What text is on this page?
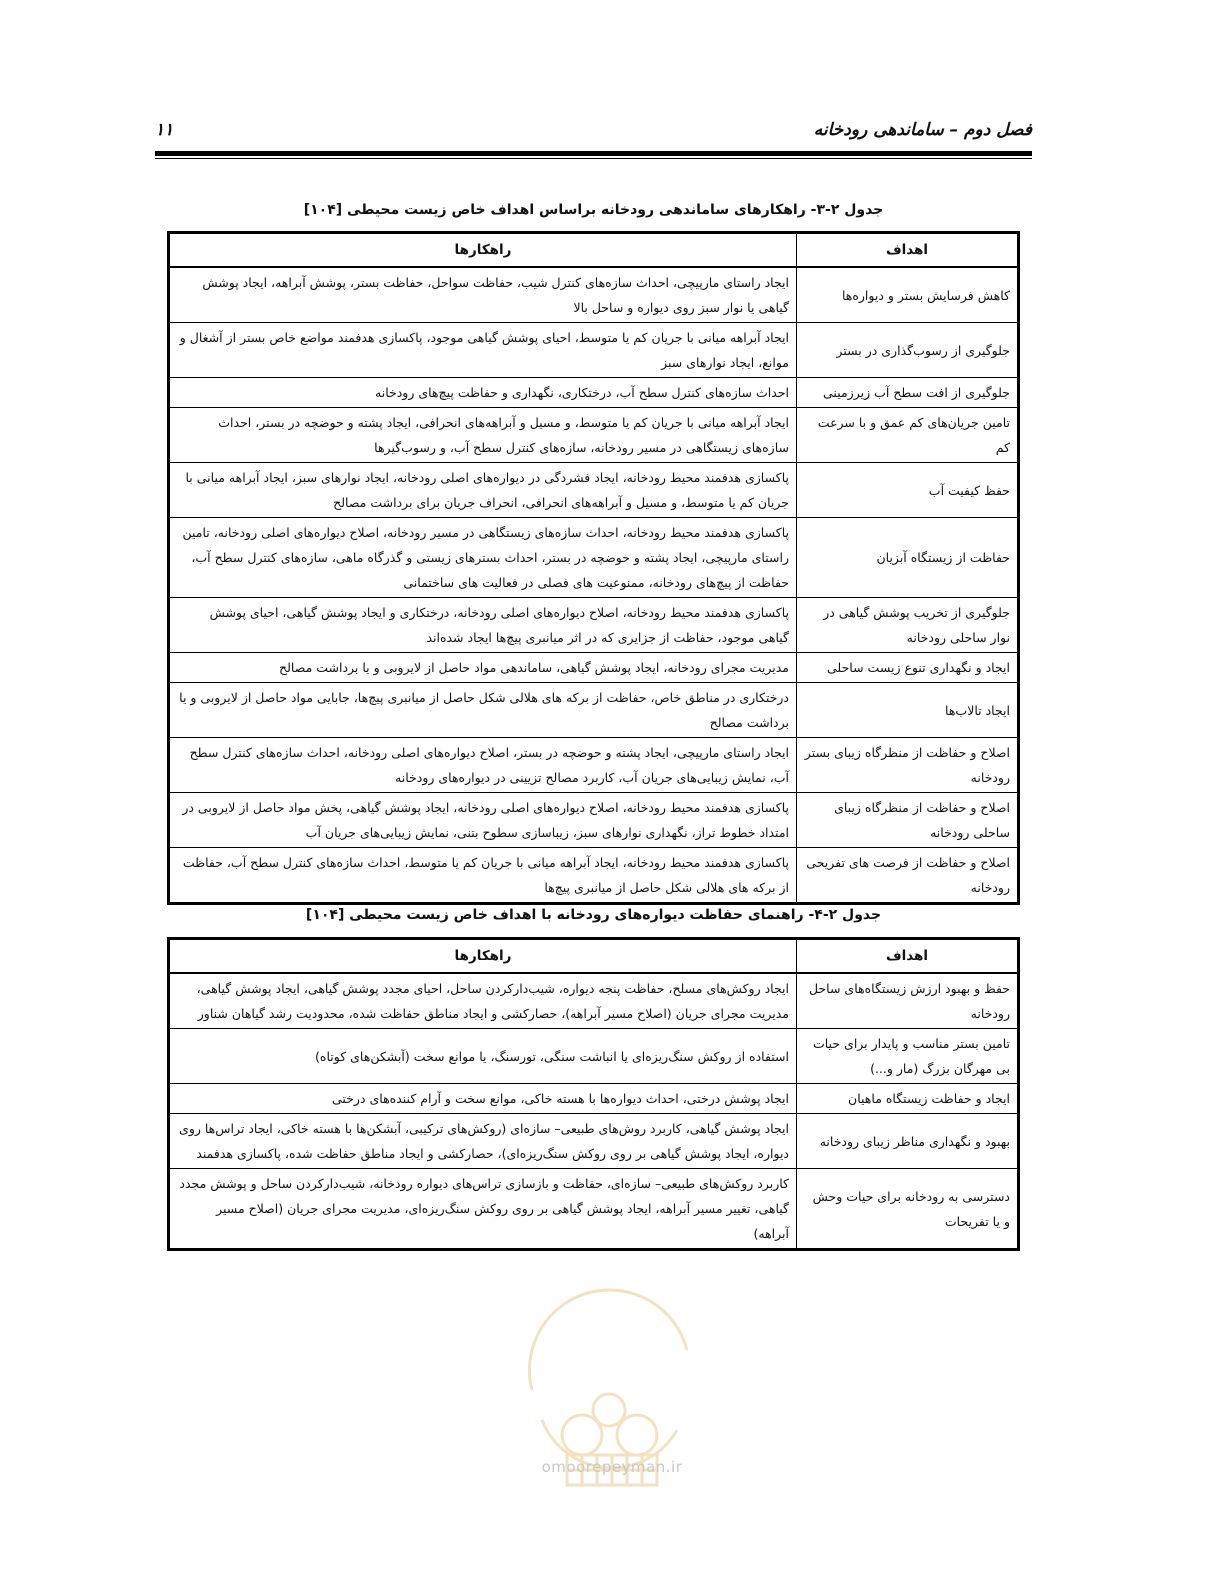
فصل دوم – ساماندهی رودخانه
۱۱
جدول ۲-۳- راهکارهای ساماندهی رودخانه براساس اهداف خاص زیست محیطی [۱۰۴]
اهداف	راهکارها
کاهش فرسایش بستر و دیواره‌ها	ایجاد راستای مارپیچی، احداث سازه‌های کنترل شیب، حفاظت سواحل، حفاظت بستر، پوشش آبراهه، ایجاد پوشش گیاهی یا نوار سبز روی دیواره و ساحل بالا
جلوگیری از رسوب‌گذاری در بستر	ایجاد آبراهه میانی با جریان کم یا متوسط، احیای پوشش گیاهی موجود، پاکسازی هدفمند مواضع خاص بستر از آشغال و موانع، ایجاد نوارهای سبز
جلوگیری از افت سطح آب زیرزمینی	احداث سازه‌های کنترل سطح آب، درختکاری، نگهداری و حفاظت پیچ‌های رودخانه
تامین جریان‌های کم عمق و با سرعت کم	ایجاد آبراهه میانی با جریان کم یا متوسط، و مسیل و آبراهه‌های انحرافی، ایجاد پشته و حوضچه در بستر، احداث سازه‌های زیستگاهی در مسیر رودخانه، سازه‌های کنترل سطح آب، و رسوب‌گیرها
حفظ کیفیت آب	پاکسازی هدفمند محیط رودخانه، ایجاد فشردگی در دیواره‌های اصلی رودخانه، ایجاد نوارهای سبز، ایجاد آبراهه میانی با جریان کم یا متوسط، و مسیل و آبراهه‌های انحرافی، انحراف جریان برای برداشت مصالح
حفاظت از زیستگاه آبزیان	پاکسازی هدفمند محیط رودخانه، احداث سازه‌های زیستگاهی در مسیر رودخانه، اصلاح دیواره‌های اصلی رودخانه، تامین راستای مارپیچی، ایجاد پشته و حوضچه در بستر، احداث بسترهای زیستی و گذرگاه ماهی، سازه‌های کنترل سطح آب، حفاظت از پیچ‌های رودخانه، ممنوعیت های فصلی در فعالیت های ساختمانی
جلوگیری از تخریب پوشش گیاهی در نوار ساحلی رودخانه	پاکسازی هدفمند محیط رودخانه، اصلاح دیواره‌های اصلی رودخانه، درختکاری و ایجاد پوشش گیاهی، احیای پوشش گیاهی موجود، حفاظت از جزایری که در اثر میانبری پیچ‌ها ایجاد شده‌اند
ایجاد و نگهداری تنوع زیست ساحلی	مدیریت مجرای رودخانه، ایجاد پوشش گیاهی، ساماندهی مواد حاصل از لایروبی و یا برداشت مصالح
ایجاد تالاب‌ها	درختکاری در مناطق خاص، حفاظت از برکه های هلالی شکل حاصل از میانبری پیچ‌ها، جابایی مواد حاصل از لایروبی و یا برداشت مصالح
اصلاح و حفاظت از منظرگاه زیبای بستر رودخانه	ایجاد راستای مارپیچی، ایجاد پشته و حوضچه در بستر، اصلاح دیواره‌های اصلی رودخانه، احداث سازه‌های کنترل سطح آب، نمایش زیبایی‌های جریان آب، کاربرد مصالح تزیینی در دیواره‌های رودخانه
اصلاح و حفاظت از منظرگاه زیبای ساحلی رودخانه	پاکسازی هدفمند محیط رودخانه، اصلاح دیواره‌های اصلی رودخانه، ایجاد پوشش گیاهی، پخش مواد حاصل از لایروبی در امتداد خطوط تراز، نگهداری نوارهای سبز، زیباسازی سطوح بتنی، نمایش زیبایی‌های جریان آب
اصلاح و حفاظت از فرصت های تفریحی رودخانه	پاکسازی هدفمند محیط رودخانه، ایجاد آبراهه میانی با جریان کم یا متوسط، احداث سازه‌های کنترل سطح آب، حفاظت از برکه های هلالی شکل حاصل از میانبری پیچ‌ها
جدول ۲-۴- راهنمای حفاظت دیواره‌های رودخانه با اهداف خاص زیست محیطی [۱۰۴]
اهداف	راهکارها
حفظ و بهبود ارزش زیستگاه‌های ساحل رودخانه	ایجاد روکش‌های مسلح، حفاظت پنجه دیواره، شیب‌دارکردن ساحل، احیای مجدد پوشش گیاهی، ایجاد پوشش گیاهی، مدیریت مجرای جریان (اصلاح مسیر آبراهه)، حصارکشی و ایجاد مناطق حفاظت شده، محدودیت رشد گیاهان شناور
تامین بستر مناسب و پایدار برای حیات بی مهرگان بزرگ (مار و...)	استفاده از روکش سنگ‌ریزه‌ای یا انباشت سنگی، تورسنگ، یا موانع سخت (آبشکن‌های کوتاه)
ایجاد و حفاظت زیستگاه ماهیان	ایجاد پوشش درختی، احداث دیواره‌ها با هسته خاکی، موانع سخت و آرام کننده‌های درختی
بهبود و نگهداری مناظر زیبای رودخانه	ایجاد پوشش گیاهی، کاربرد روش‌های طبیعی– سازه‌ای (روکش‌های ترکیبی، آبشکن‌ها با هسته خاکی، ایجاد تراس‌ها روی دیواره، ایجاد پوشش گیاهی بر روی روکش سنگ‌ریزه‌ای)، حصارکشی و ایجاد مناطق حفاظت شده، پاکسازی هدفمند
دسترسی به رودخانه برای حیات وحش و یا تفریحات	کاربرد روکش‌های طبیعی– سازه‌ای، حفاظت و بازسازی تراس‌های دیواره رودخانه، شیب‌دارکردن ساحل و پوشش مجدد گیاهی، تغییر مسیر آبراهه، ایجاد پوشش گیاهی بر روی روکش سنگ‌ریزه‌ای، مدیریت مجرای جریان (اصلاح مسیر آبراهه)
omoorepeyman.ir
